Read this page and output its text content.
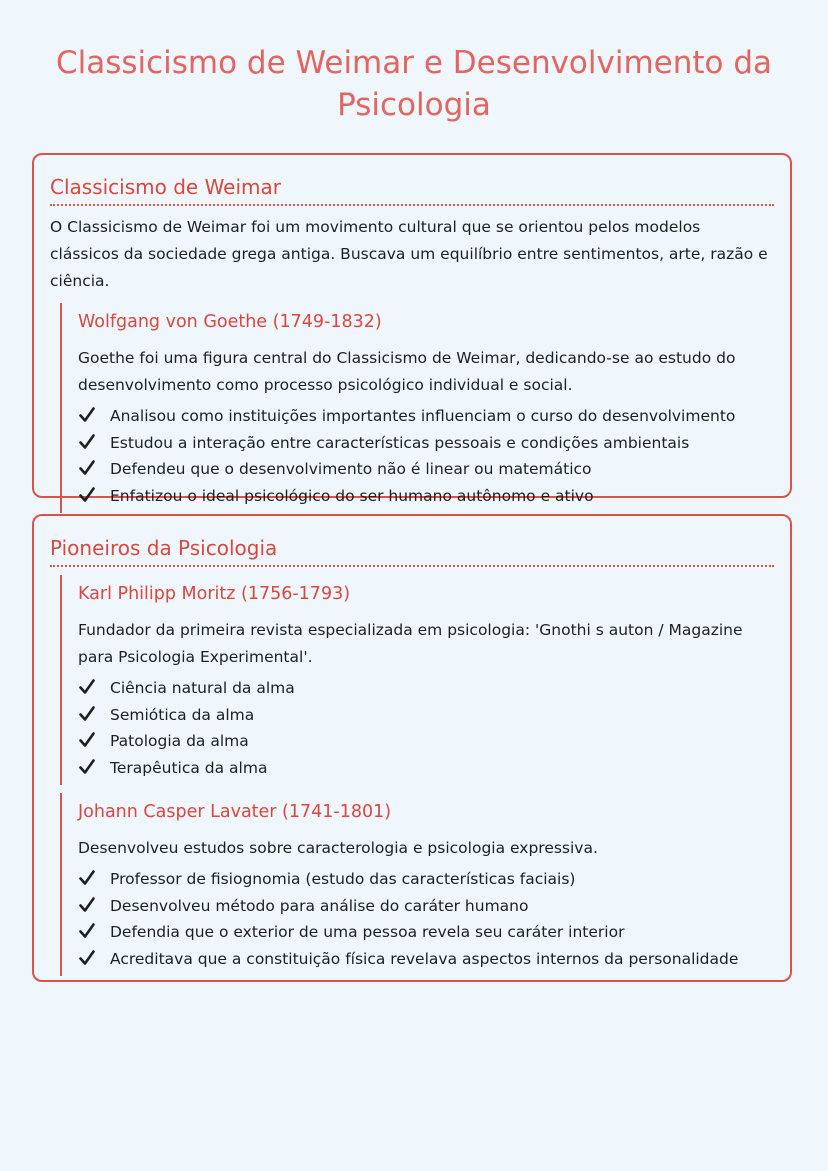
Classicismo de Weimar e Desenvolvimento da Psicologia
Classicismo de Weimar

O Classicismo de Weimar foi um movimento cultural que se orientou pelos modelos clássicos da sociedade grega antiga. Buscava um equilíbrio entre sentimentos, arte, razão e ciência.

Wolfgang von Goethe (1749-1832)

Goethe foi uma figura central do Classicismo de Weimar, dedicando-se ao estudo do desenvolvimento como processo psicológico individual e social.

Analisou como instituições importantes influenciam o curso do desenvolvimento
Estudou a interação entre características pessoais e condições ambientais
Defendeu que o desenvolvimento não é linear ou matemático
Enfatizou o ideal psicológico do ser humano autônomo e ativo
Pioneiros da Psicologia
Karl Philipp Moritz (1756-1793)

Fundador da primeira revista especializada em psicologia: 'Gnothi s auton / Magazine para Psicologia Experimental'.

Ciência natural da alma
Semiótica da alma
Patologia da alma
Terapêutica da alma
Johann Casper Lavater (1741-1801)

Desenvolveu estudos sobre caracterologia e psicologia expressiva.

Professor de fisiognomia (estudo das características faciais)
Desenvolveu método para análise do caráter humano
Defendia que o exterior de uma pessoa revela seu caráter interior
Acreditava que a constituição física revelava aspectos internos da personalidade
